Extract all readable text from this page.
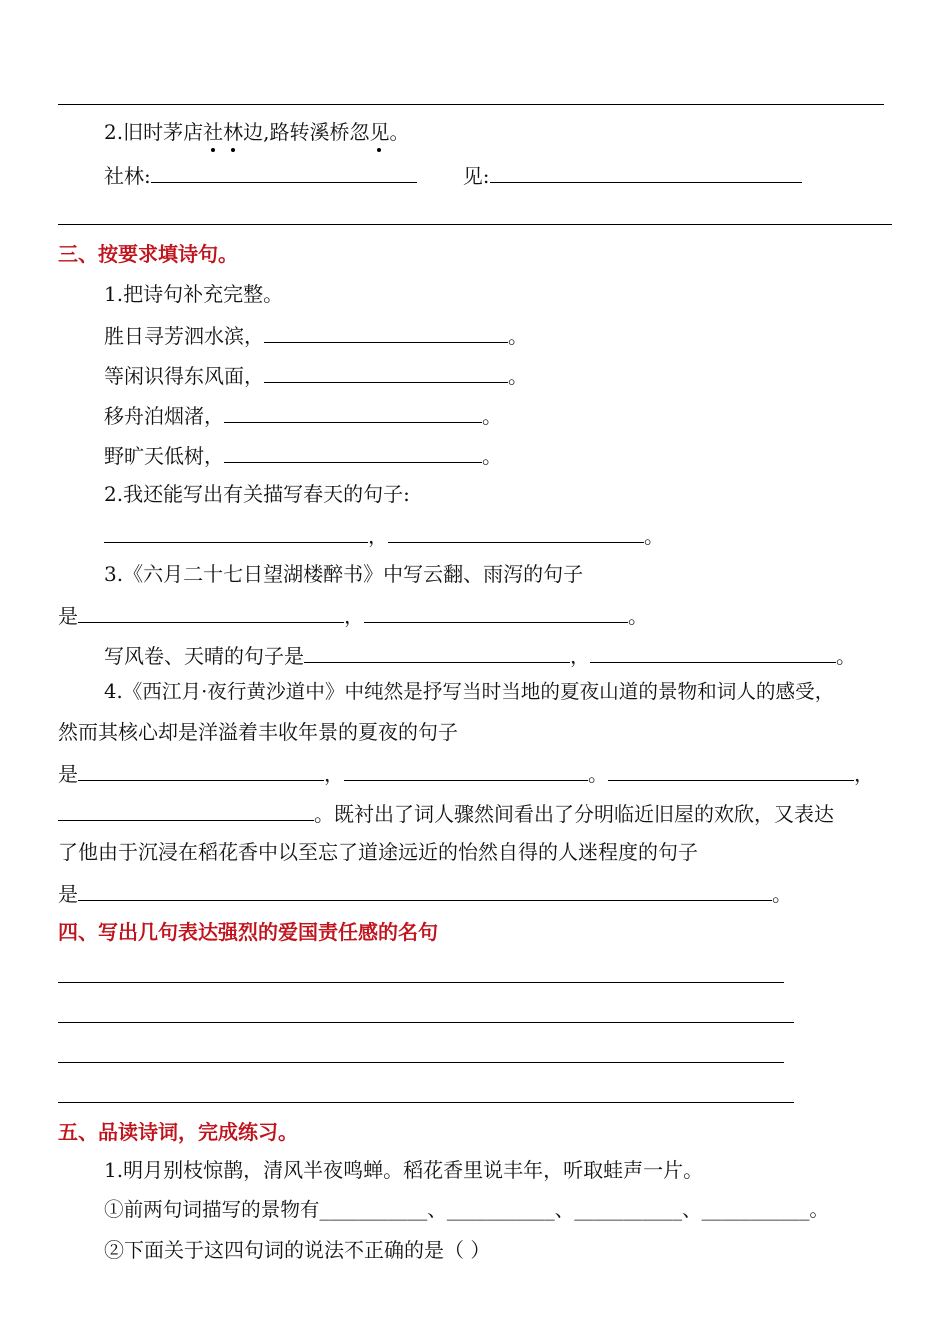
2.旧时茅店社林边,路转溪桥忽见。
社林:	见:
三、按要求填诗句。
1.把诗句补充完整。
胜日寻芳泗水滨，	。
等闲识得东风面，	。
移舟泊烟渚，	。
野旷天低树，	。
2.我还能写出有关描写春天的句子:
，	。
3.《六月二十七日望湖楼醉书》中写云翻、雨泻的句子
是	，	。
写风卷、天晴的句子是	，	。
4.《西江月·夜行黄沙道中》中纯然是抒写当时当地的夏夜山道的景物和词人的感受，
然而其核心却是洋溢着丰收年景的夏夜的句子
是	，	。	，
。既衬出了词人骤然间看出了分明临近旧屋的欢欣，又表达
了他由于沉浸在稻花香中以至忘了道途远近的怡然自得的人迷程度的句子
是	。
四、写出几句表达强烈的爱国责任感的名句
五、品读诗词，完成练习。
1.明月别枝惊鹊，清风半夜鸣蝉。稻花香里说丰年，听取蛙声一片。
①前两句词描写的景物有___________、___________、___________、___________。
②下面关于这四句词的说法不正确的是（ ）
